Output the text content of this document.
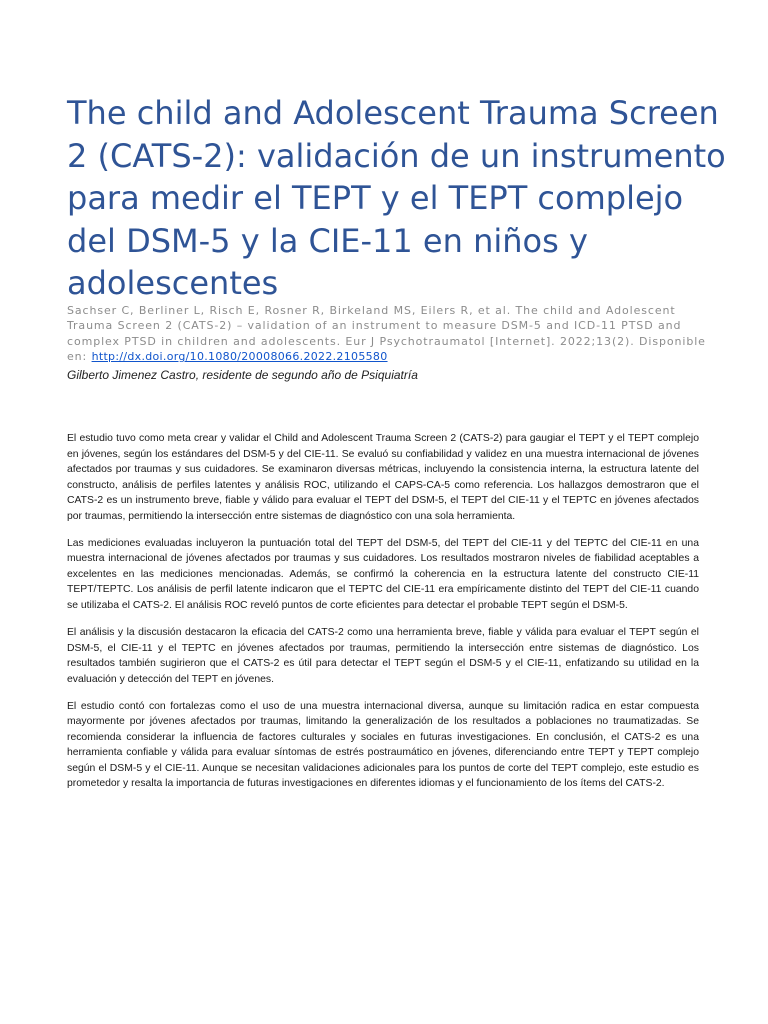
The child and Adolescent Trauma Screen 2 (CATS-2): validación de un instrumento para medir el TEPT y el TEPT complejo del DSM-5 y la CIE-11 en niños y adolescentes
Sachser C, Berliner L, Risch E, Rosner R, Birkeland MS, Eilers R, et al. The child and Adolescent Trauma Screen 2 (CATS-2) – validation of an instrument to measure DSM-5 and ICD-11 PTSD and complex PTSD in children and adolescents. Eur J Psychotraumatol [Internet]. 2022;13(2). Disponible en: http://dx.doi.org/10.1080/20008066.2022.2105580
Gilberto Jimenez Castro, residente de segundo año de Psiquiatría

El estudio tuvo como meta crear y validar el Child and Adolescent Trauma Screen 2 (CATS-2) para gaugiar el TEPT y el TEPT complejo en jóvenes, según los estándares del DSM-5 y del CIE-11. Se evaluó su confiabilidad y validez en una muestra internacional de jóvenes afectados por traumas y sus cuidadores. Se examinaron diversas métricas, incluyendo la consistencia interna, la estructura latente del constructo, análisis de perfiles latentes y análisis ROC, utilizando el CAPS-CA-5 como referencia. Los hallazgos demostraron que el CATS-2 es un instrumento breve, fiable y válido para evaluar el TEPT del DSM-5, el TEPT del CIE-11 y el TEPTC en jóvenes afectados por traumas, permitiendo la intersección entre sistemas de diagnóstico con una sola herramienta.

Las mediciones evaluadas incluyeron la puntuación total del TEPT del DSM-5, del TEPT del CIE-11 y del TEPTC del CIE-11 en una muestra internacional de jóvenes afectados por traumas y sus cuidadores. Los resultados mostraron niveles de fiabilidad aceptables a excelentes en las mediciones mencionadas. Además, se confirmó la coherencia en la estructura latente del constructo CIE-11 TEPT/TEPTC. Los análisis de perfil latente indicaron que el TEPTC del CIE-11 era empíricamente distinto del TEPT del CIE-11 cuando se utilizaba el CATS-2. El análisis ROC reveló puntos de corte eficientes para detectar el probable TEPT según el DSM-5.

El análisis y la discusión destacaron la eficacia del CATS-2 como una herramienta breve, fiable y válida para evaluar el TEPT según el DSM-5, el CIE-11 y el TEPTC en jóvenes afectados por traumas, permitiendo la intersección entre sistemas de diagnóstico. Los resultados también sugirieron que el CATS-2 es útil para detectar el TEPT según el DSM-5 y el CIE-11, enfatizando su utilidad en la evaluación y detección del TEPT en jóvenes.

El estudio contó con fortalezas como el uso de una muestra internacional diversa, aunque su limitación radica en estar compuesta mayormente por jóvenes afectados por traumas, limitando la generalización de los resultados a poblaciones no traumatizadas. Se recomienda considerar la influencia de factores culturales y sociales en futuras investigaciones. En conclusión, el CATS-2 es una herramienta confiable y válida para evaluar síntomas de estrés postraumático en jóvenes, diferenciando entre TEPT y TEPT complejo según el DSM-5 y el CIE-11. Aunque se necesitan validaciones adicionales para los puntos de corte del TEPT complejo, este estudio es prometedor y resalta la importancia de futuras investigaciones en diferentes idiomas y el funcionamiento de los ítems del CATS-2.
